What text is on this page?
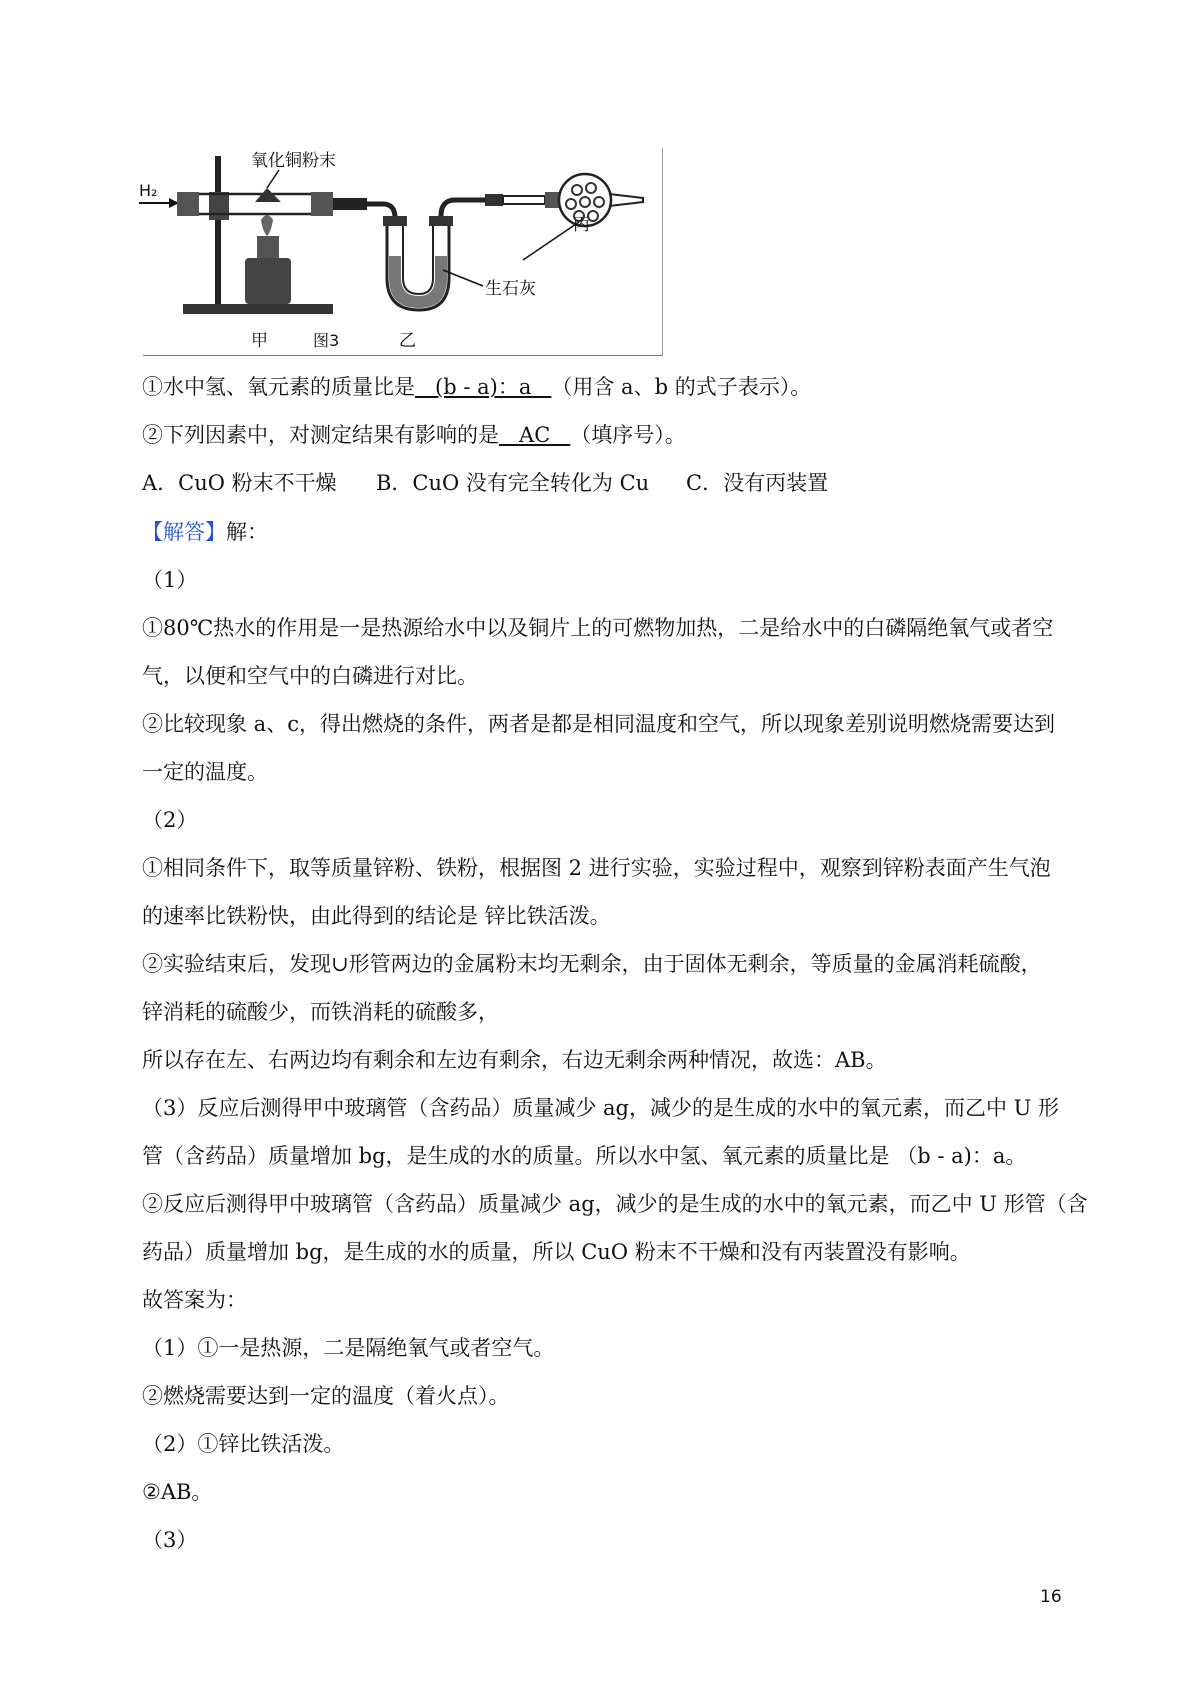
H₂
氧化铜粉末
生石灰
丙
甲	图3	乙
①水中氢、氧元素的质量比是   (b - a)：a   （用含 a、b 的式子表示）。
②下列因素中，对测定结果有影响的是   AC   （填序号）。
A．CuO 粉末不干燥 B．CuO 没有完全转化为 Cu C．没有丙装置
【解答】解：
（1）
①80℃热水的作用是一是热源给水中以及铜片上的可燃物加热，二是给水中的白磷隔绝氧气或者空
气，以便和空气中的白磷进行对比。
②比较现象 a、c，得出燃烧的条件，两者是都是相同温度和空气，所以现象差别说明燃烧需要达到
一定的温度。
（2）
①相同条件下，取等质量锌粉、铁粉，根据图 2 进行实验，实验过程中，观察到锌粉表面产生气泡
的速率比铁粉快，由此得到的结论是 锌比铁活泼。
②实验结束后，发现∪形管两边的金属粉末均无剩余，由于固体无剩余，等质量的金属消耗硫酸，
锌消耗的硫酸少，而铁消耗的硫酸多，
所以存在左、右两边均有剩余和左边有剩余，右边无剩余两种情况，故选：AB。
（3）反应后测得甲中玻璃管（含药品）质量减少 ag，减少的是生成的水中的氧元素，而乙中 U 形
管（含药品）质量增加 bg，是生成的水的质量。所以水中氢、氧元素的质量比是 （b - a)：a。
②反应后测得甲中玻璃管（含药品）质量减少 ag，减少的是生成的水中的氧元素，而乙中 U 形管（含
药品）质量增加 bg，是生成的水的质量，所以 CuO 粉末不干燥和没有丙装置没有影响。
故答案为：
（1）①一是热源，二是隔绝氧气或者空气。
②燃烧需要达到一定的温度（着火点）。
（2）①锌比铁活泼。
②AB。
（3）
16
